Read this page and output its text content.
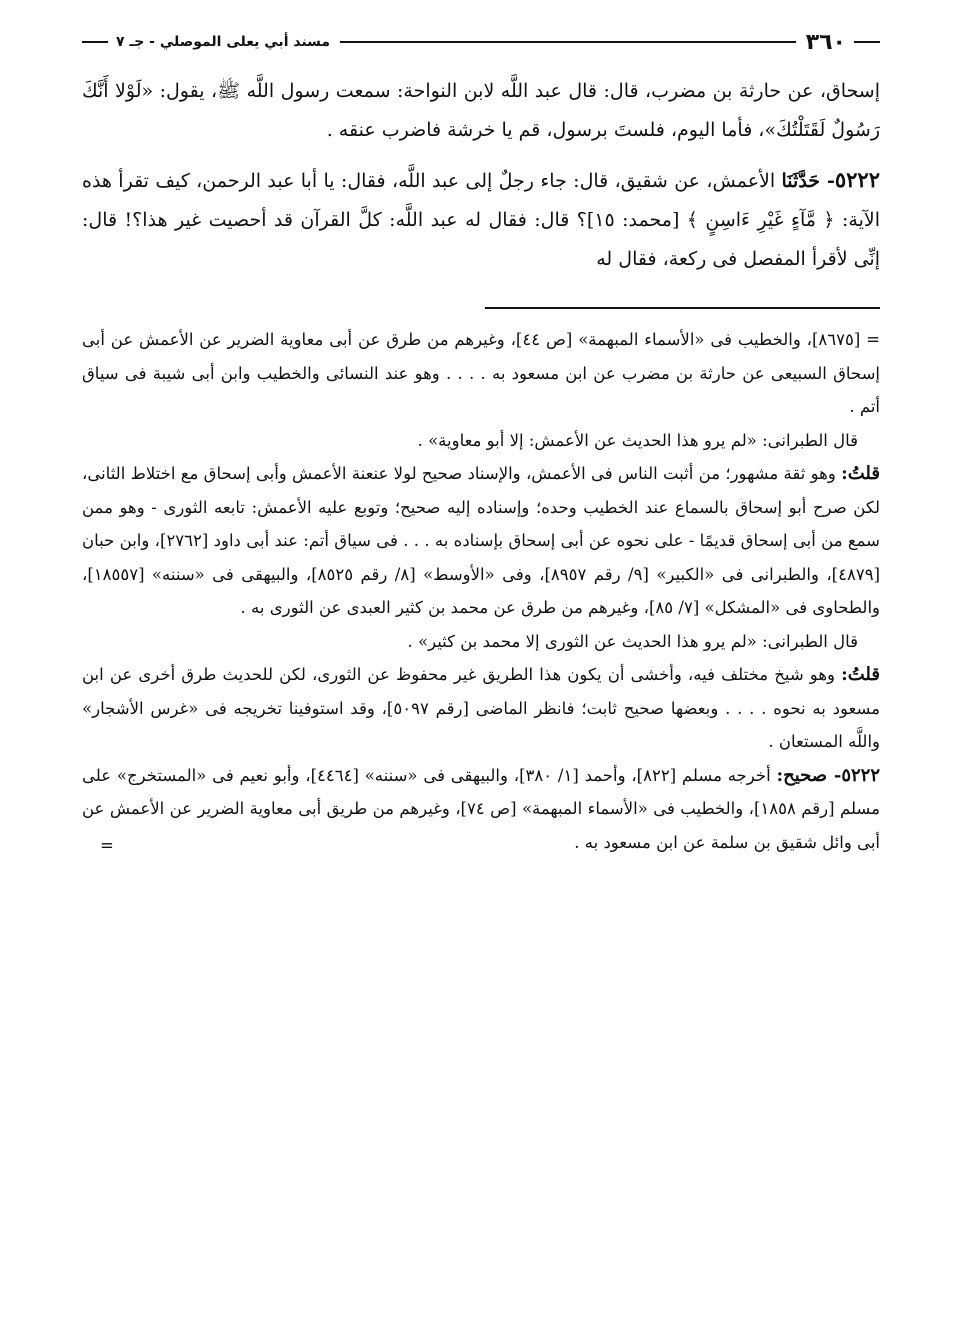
٣٦٠
مسند أبي يعلى الموصلي - جـ ٧

إسحاق، عن حارثة بن مضرب، قال: قال عبد اللَّه لابن النواحة: سمعت رسول اللَّه ﷺ، يقول: «لَوْلا أَنَّكَ رَسُولٌ لَقَتَلْتُكَ»، فأما اليوم، فلستَ برسول، قم يا خرشة فاضرب عنقه .

٥٢٢٢- حَدَّثَنَا الأعمش، عن شقيق، قال: جاء رجلٌ إلى عبد اللَّه، فقال: يا أبا عبد الرحمن، كيف تقرأ هذه الآية: ﴿ مَّآءٍ غَيْرِ ءَاسِنٍ ﴾ [محمد: ١٥]؟ قال: فقال له عبد اللَّه: كلَّ القرآن قد أحصيت غير هذا؟! قال: إنِّى لأقرأ المفصل فى ركعة، فقال له

= [٨٦٧٥]، والخطيب فى «الأسماء المبهمة» [ص ٤٤]، وغيرهم من طرق عن أبى معاوية الضرير عن الأعمش عن أبى إسحاق السبيعى عن حارثة بن مضرب عن ابن مسعود به . . . . وهو عند النسائى والخطيب وابن أبى شيبة فى سياق أتم .

قال الطبرانى: «لم يرو هذا الحديث عن الأعمش: إلا أبو معاوية» .

قلتُ: وهو ثقة مشهور؛ من أثبت الناس فى الأعمش، والإسناد صحيح لولا عنعنة الأعمش وأبى إسحاق مع اختلاط الثانى، لكن صرح أبو إسحاق بالسماع عند الخطيب وحده؛ وإسناده إليه صحيح؛ وتوبع عليه الأعمش: تابعه الثورى - وهو ممن سمع من أبى إسحاق قديمًا - على نحوه عن أبى إسحاق بإسناده به . . . فى سياق أتم: عند أبى داود [٢٧٦٢]، وابن حبان [٤٨٧٩]، والطبرانى فى «الكبير» [٩/ رقم ٨٩٥٧]، وفى «الأوسط» [٨/ رقم ٨٥٢٥]، والبيهقى فى «سننه» [١٨٥٥٧]، والطحاوى فى «المشكل» [٧/ ٨٥]، وغيرهم من طرق عن محمد بن كثير العبدى عن الثورى به .

قال الطبرانى: «لم يرو هذا الحديث عن الثورى إلا محمد بن كثير» .

قلتُ: وهو شيخ مختلف فيه، وأخشى أن يكون هذا الطريق غير محفوظ عن الثورى، لكن للحديث طرق أخرى عن ابن مسعود به نحوه . . . . وبعضها صحيح ثابت؛ فانظر الماضى [رقم ٥٠٩٧]، وقد استوفينا تخريجه فى «غرس الأشجار» واللَّه المستعان .

٥٢٢٢- صحيح: أخرجه مسلم [٨٢٢]، وأحمد [١/ ٣٨٠]، والبيهقى فى «سننه» [٤٤٦٤]، وأبو نعيم فى «المستخرج» على مسلم [رقم ١٨٥٨]، والخطيب فى «الأسماء المبهمة» [ص ٧٤]، وغيرهم من طريق أبى معاوية الضرير عن الأعمش عن أبى وائل شقيق بن سلمة عن ابن مسعود به .

=
